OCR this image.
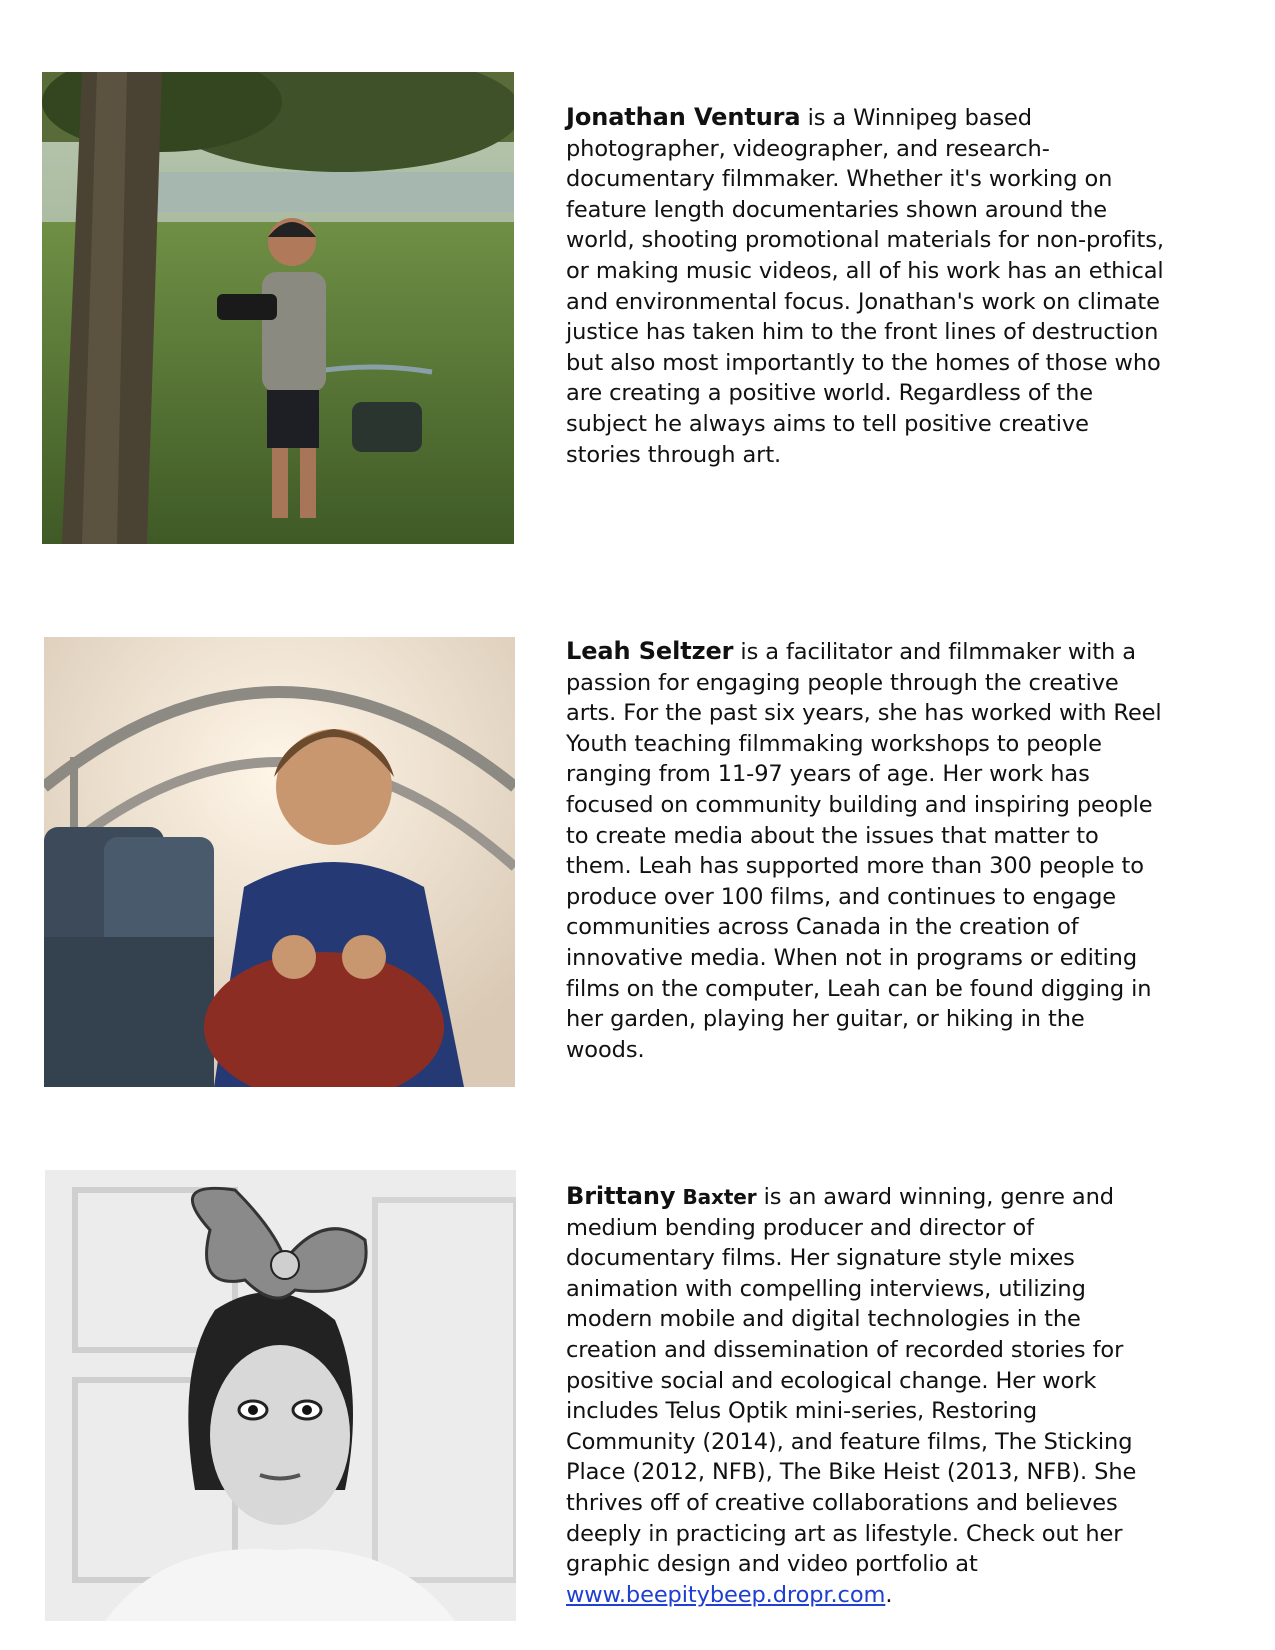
Jonathan Ventura is a Winnipeg based photographer, videographer, and research-documentary filmmaker. Whether it's working on feature length documentaries shown around the world, shooting promotional materials for non-profits, or making music videos, all of his work has an ethical and environmental focus. Jonathan's work on climate justice has taken him to the front lines of destruction but also most importantly to the homes of those who are creating a positive world. Regardless of the subject he always aims to tell positive creative stories through art.

Leah Seltzer is a facilitator and filmmaker with a passion for engaging people through the creative arts. For the past six years, she has worked with Reel Youth teaching filmmaking workshops to people ranging from 11-97 years of age. Her work has focused on community building and inspiring people to create media about the issues that matter to them. Leah has supported more than 300 people to produce over 100 films, and continues to engage communities across Canada in the creation of innovative media. When not in programs or editing films on the computer, Leah can be found digging in her garden, playing her guitar, or hiking in the woods.

Brittany Baxter is an award winning, genre and medium bending producer and director of documentary films. Her signature style mixes animation with compelling interviews, utilizing modern mobile and digital technologies in the creation and dissemination of recorded stories for positive social and ecological change. Her work includes Telus Optik mini-series, Restoring Community (2014), and feature films, The Sticking Place (2012, NFB), The Bike Heist (2013, NFB). She thrives off of creative collaborations and believes deeply in practicing art as lifestyle. Check out her graphic design and video portfolio at www.beepitybeep.dropr.com.
